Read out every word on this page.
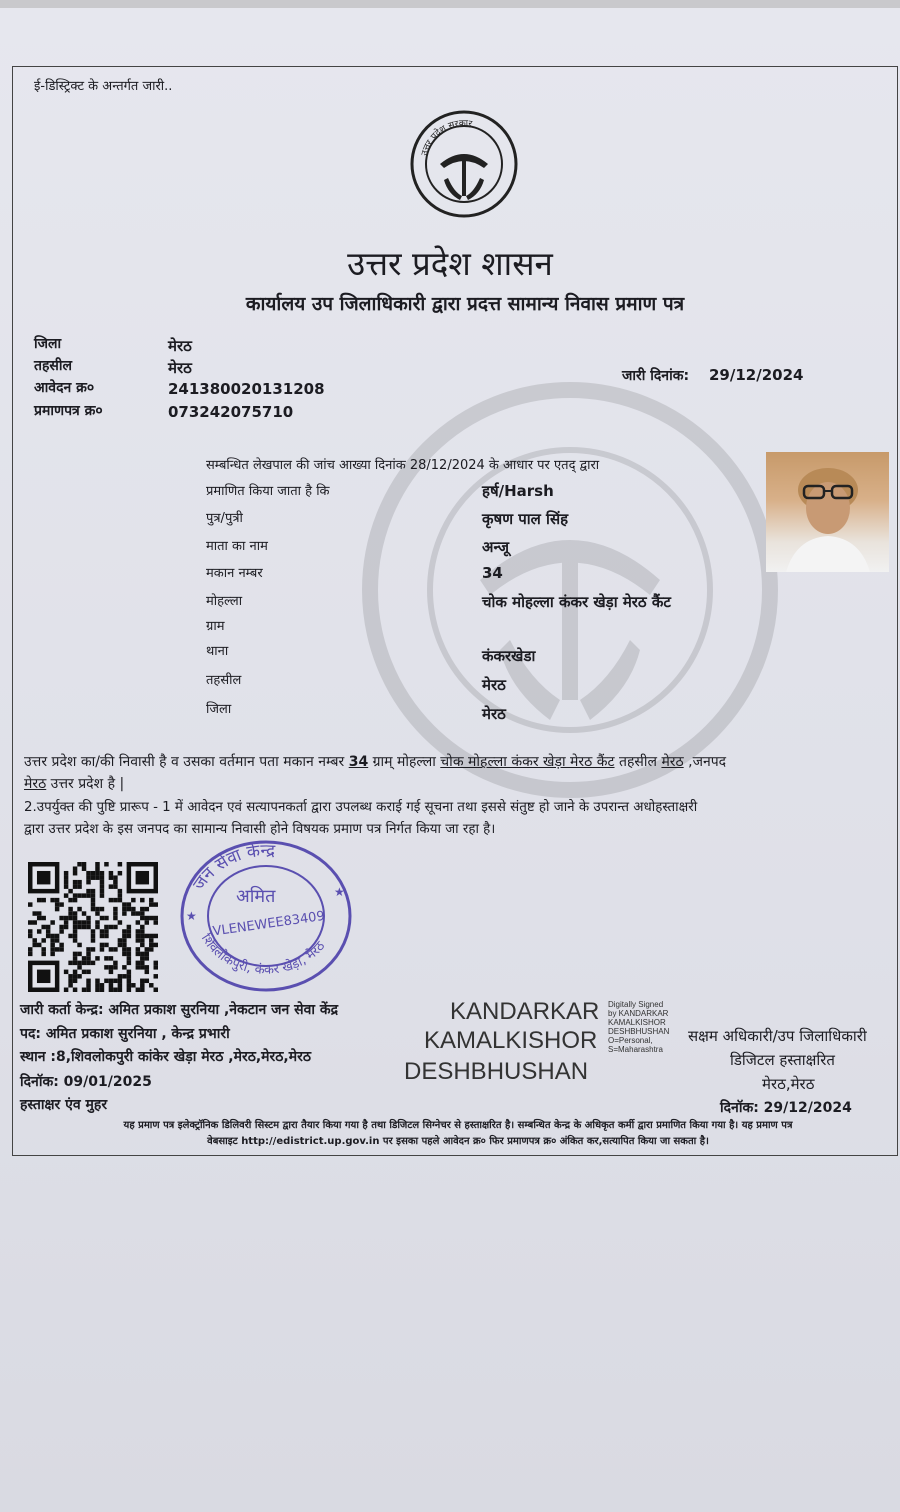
ई-डिस्ट्रिक्ट के अन्तर्गत जारी..
उत्तर प्रदेश सरकार
उत्तर प्रदेश शासन
कार्यालय उप जिलाधिकारी द्वारा प्रदत्त सामान्य निवास प्रमाण पत्र
जिला	मेरठ
तहसील	मेरठ
आवेदन क्र०	241380020131208
प्रमाणपत्र क्र०	073242075710
जारी दिनांक: 29/12/2024
सम्बन्धित लेखपाल की जांच आख्या दिनांक 28/12/2024 के आधार पर एतद् द्वारा
प्रमाणित किया जाता है कि	हर्ष/Harsh
पुत्र/पुत्री	कृषण पाल सिंह
माता का नाम	अन्जू
मकान नम्बर	34
मोहल्ला	चोक मोहल्ला कंकर खेड़ा मेरठ कैंट
ग्राम
थाना	कंकरखेडा
तहसील	मेरठ
जिला	मेरठ
उत्तर प्रदेश का/की निवासी है व उसका वर्तमान पता मकान नम्बर 34 ग्राम् मोहल्ला चोक मोहल्ला कंकर खेड़ा मेरठ कैंट तहसील मेरठ ,जनपद
मेरठ उत्तर प्रदेश है |
2.उपर्युक्त की पुष्टि प्रारूप - 1 में आवेदन एवं सत्यापनकर्ता द्वारा उपलब्ध कराई गई सूचना तथा इससे संतुष्ट हो जाने के उपरान्त अधोहस्ताक्षरी
द्वारा उत्तर प्रदेश के इस जनपद का सामान्य निवासी होने विषयक प्रमाण पत्र निर्गत किया जा रहा है।
जन सेवा केन्द्र
शिवलोकपुरी, कंकर खेड़ा, मेरठ
अमित
VLENEWEE83409
★
★
जारी कर्ता केन्द्र: अमित प्रकाश सुरनिया ,नेकटान जन सेवा केंद्र
पद: अमित प्रकाश सुरनिया , केन्द्र प्रभारी
स्थान :8,शिवलोकपुरी कांकेर खेड़ा मेरठ ,मेरठ,मेरठ,मेरठ
दिनॉक: 09/01/2025
हस्ताक्षर एंव मुहर
KANDARKAR
KAMALKISHOR
DESHBHUSHAN
Digitally Signed
by KANDARKAR
KAMALKISHOR
DESHBHUSHAN
O=Personal,
S=Maharashtra
सक्षम अधिकारी/उप जिलाधिकारी
डिजिटल हस्ताक्षरित
मेरठ,मेरठ
दिनॉक: 29/12/2024
यह प्रमाण पत्र इलेक्ट्रॉनिक डिलिवरी सिस्टम द्वारा तैयार किया गया है तथा डिजिटल सिग्नेचर से हस्ताक्षरित है। सम्बन्धित केन्द्र के अधिकृत कर्मी द्वारा प्रमाणित किया गया है। यह प्रमाण पत्र
वेबसाइट http://edistrict.up.gov.in पर इसका पहले आवेदन क्र० फिर प्रमाणपत्र क्र० अंकित कर,सत्यापित किया जा सकता है।
